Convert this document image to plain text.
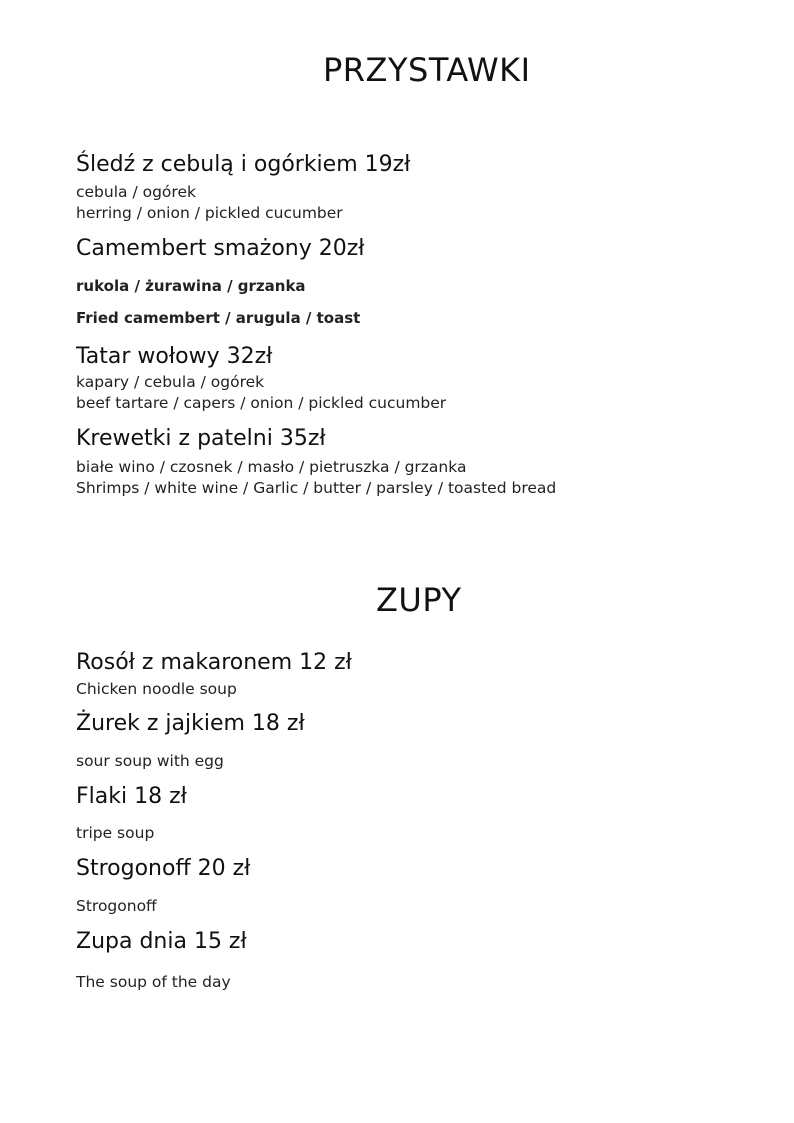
PRZYSTAWKI
Śledź z cebulą i ogórkiem 19zł

cebula / ogórek

herring / onion / pickled cucumber

Camembert smażony 20zł

rukola / żurawina / grzanka

Fried camembert / arugula / toast

Tatar wołowy 32zł

kapary / cebula / ogórek

beef tartare / capers / onion / pickled cucumber

Krewetki z patelni 35zł

białe wino / czosnek / masło / pietruszka / grzanka

Shrimps / white wine / Garlic / butter / parsley / toasted bread

ZUPY
Rosół z makaronem 12 zł

Chicken noodle soup

Żurek z jajkiem 18 zł

sour soup with egg

Flaki 18 zł

tripe soup

Strogonoff 20 zł

Strogonoff

Zupa dnia 15 zł

The soup of the day
